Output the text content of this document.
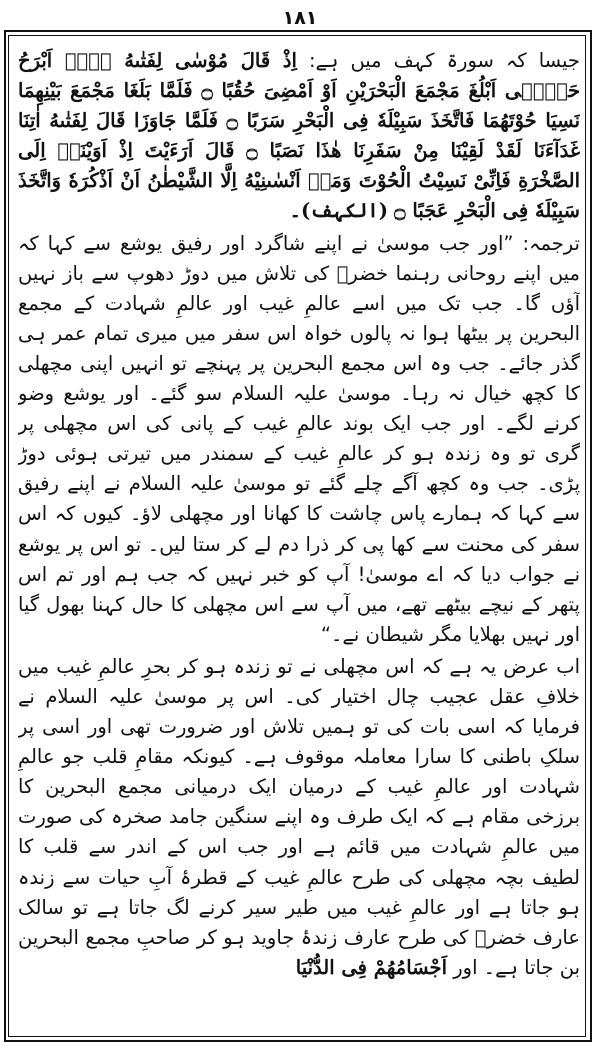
۱۸۱

جیسا کہ سورۃ کہف میں ہے: اِذْ قَالَ مُوْسٰى لِفَتٰىهُ لَاۤ اَبْرَحُ حَتّٰۤى اَبْلُغَ مَجْمَعَ الْبَحْرَیْنِ اَوْ اَمْضِیَ حُقُبًا ۝ فَلَمَّا بَلَغَا مَجْمَعَ بَیْنِهِمَا نَسِیَا حُوْتَهُمَا فَاتَّخَذَ سَبِیْلَهٗ فِی الْبَحْرِ سَرَبًا ۝ فَلَمَّا جَاوَزَا قَالَ لِفَتٰىهُ اٰتِنَا غَدَآءَنَا لَقَدْ لَقِیْنَا مِنْ سَفَرِنَا هٰذَا نَصَبًا ۝ قَالَ اَرَءَیْتَ اِذْ اَوَیْنَاۤ اِلَى الصَّخْرَةِ فَاِنِّیْ نَسِیْتُ الْحُوْتَ وَمَاۤ اَنْسٰىنِیْهُ اِلَّا الشَّیْطٰنُ اَنْ اَذْكُرَهٗ وَاتَّخَذَ سَبِیْلَهٗ فِی الْبَحْرِ عَجَبًا ۝ (الکہف)۔

ترجمہ: ”اور جب موسیٰ نے اپنے شاگرد اور رفیق یوشع سے کہا کہ میں اپنے روحانی رہنما خضرؑ کی تلاش میں دوڑ دھوپ سے باز نہیں آؤں گا۔ جب تک میں اسے عالمِ غیب اور عالمِ شہادت کے مجمع البحرین پر بیٹھا ہوا نہ پالوں خواہ اس سفر میں میری تمام عمر ہی گذر جائے۔ جب وہ اس مجمع البحرین پر پہنچے تو انہیں اپنی مچھلی کا کچھ خیال نہ رہا۔ موسیٰ علیہ السلام سو گئے۔ اور یوشع وضو کرنے لگے۔ اور جب ایک بوند عالمِ غیب کے پانی کی اس مچھلی پر گری تو وہ زندہ ہو کر عالمِ غیب کے سمندر میں تیرتی ہوئی دوڑ پڑی۔ جب وہ کچھ آگے چلے گئے تو موسیٰ علیہ السلام نے اپنے رفیق سے کہا کہ ہمارے پاس چاشت کا کھانا اور مچھلی لاؤ۔ کیوں کہ اس سفر کی محنت سے کھا پی کر ذرا دم لے کر ستا لیں۔ تو اس پر یوشع نے جواب دیا کہ اے موسیٰ! آپ کو خبر نہیں کہ جب ہم اور تم اس پتھر کے نیچے بیٹھے تھے، میں آپ سے اس مچھلی کا حال کہنا بھول گیا اور نہیں بھلایا مگر شیطان نے۔“

اب عرض یہ ہے کہ اس مچھلی نے تو زندہ ہو کر بحرِ عالمِ غیب میں خلافِ عقل عجیب چال اختیار کی۔ اس پر موسیٰ علیہ السلام نے فرمایا کہ اسی بات کی تو ہمیں تلاش اور ضرورت تھی اور اسی پر سلکِ باطنی کا سارا معاملہ موقوف ہے۔ کیونکہ مقامِ قلب جو عالمِ شہادت اور عالمِ غیب کے درمیان ایک درمیانی مجمع البحرین کا برزخی مقام ہے کہ ایک طرف وہ اپنے سنگین جامد صخرہ کی صورت میں عالمِ شہادت میں قائم ہے اور جب اس کے اندر سے قلب کا لطیف بچہ مچھلی کی طرح عالمِ غیب کے قطرۂ آبِ حیات سے زندہ ہو جاتا ہے اور عالمِ غیب میں طیر سیر کرنے لگ جاتا ہے تو سالک عارف خضرؑ کی طرح عارف زندۂ جاوید ہو کر صاحبِ مجمع البحرین بن جاتا ہے۔ اور اَجْسَامُهُمْ فِی الدُّنْیَا
